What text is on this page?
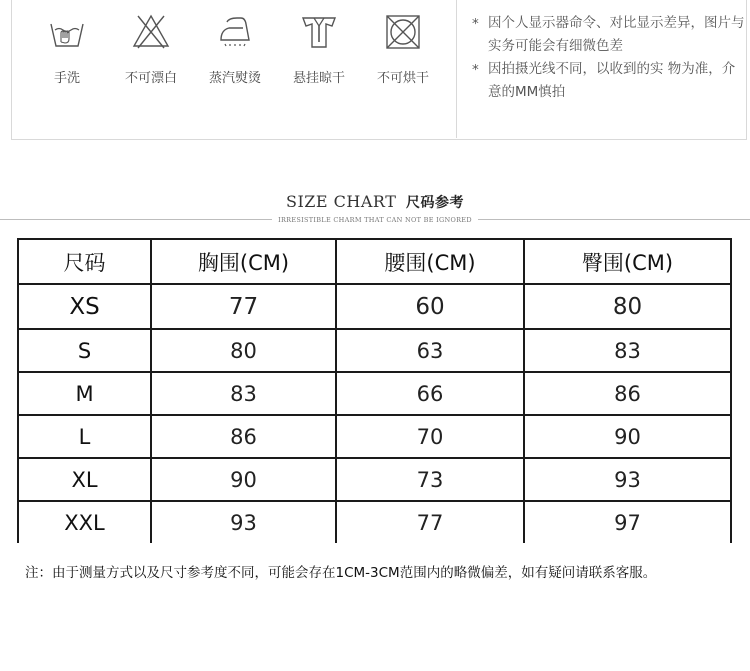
手洗	不可漂白	蒸汽熨烫	悬挂晾干	不可烘干
* 因个人显示器命令、对比显示差异，图片与实务可能会有细微色差
* 因拍摄光线不同，以收到的实 物为准，介意的MM慎拍
SIZE CHART 尺码参考
IRRESISTIBLE CHARM THAT CAN NOT BE IGNORED
尺码	胸围(CM)	腰围(CM)	臀围(CM)
XS	77	60	80
S	80	63	83
M	83	66	86
L	86	70	90
XL	90	73	93
XXL	93	77	97
注：由于测量方式以及尺寸参考度不同，可能会存在1CM-3CM范围内的略微偏差，如有疑问请联系客服。
